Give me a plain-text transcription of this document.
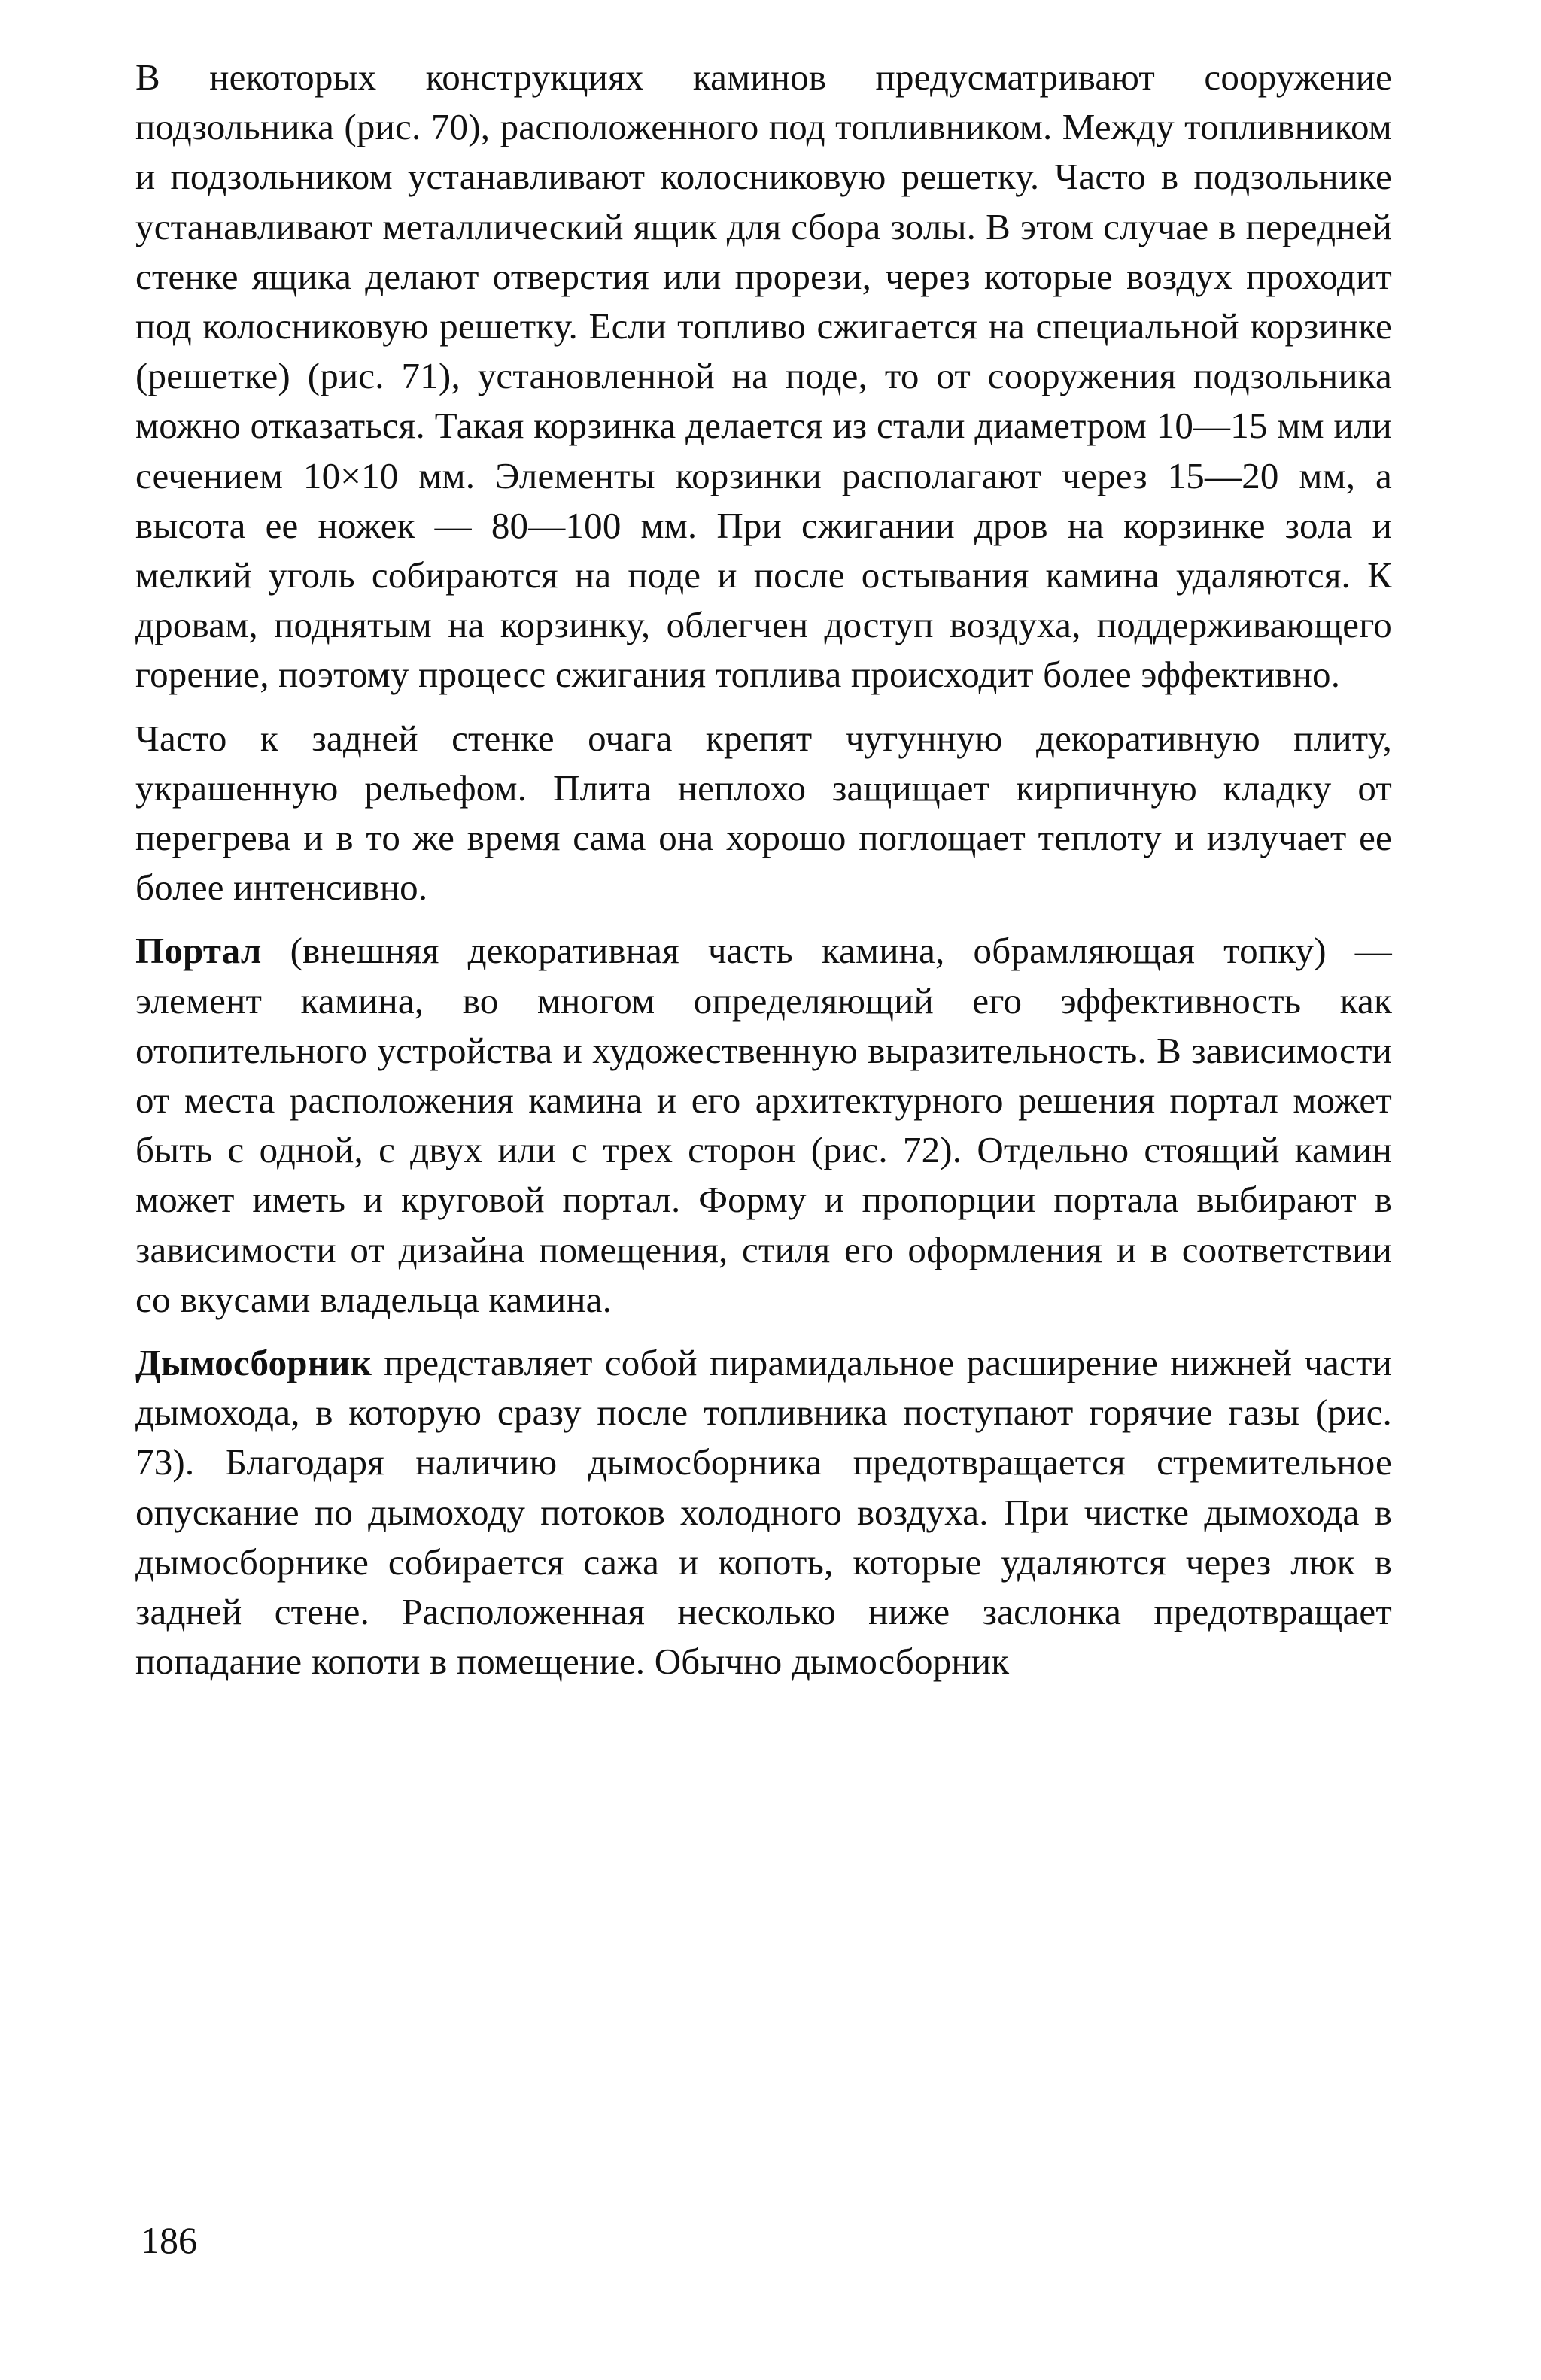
В некоторых конструкциях каминов предусматривают сооружение подзольника (рис. 70), расположенного под топливником. Между топливником и подзольником устанавливают колосниковую решетку. Часто в подзольнике устанавливают металлический ящик для сбора золы. В этом случае в передней стенке ящика делают отверстия или прорези, через которые воздух проходит под колосниковую решетку. Если топливо сжигается на специальной корзинке (решетке) (рис. 71), установленной на поде, то от сооружения подзольника можно отказаться. Такая корзинка делается из стали диаметром 10—15 мм или сечением 10×10 мм. Элементы корзинки располагают через 15—20 мм, а высота ее ножек — 80—100 мм. При сжигании дров на корзинке зола и мелкий уголь собираются на поде и после остывания камина удаляются. К дровам, поднятым на корзинку, облегчен доступ воздуха, поддерживающего горение, поэтому процесс сжигания топлива происходит более эффективно.

Часто к задней стенке очага крепят чугунную декоративную плиту, украшенную рельефом. Плита неплохо защищает кирпичную кладку от перегрева и в то же время сама она хорошо поглощает теплоту и излучает ее более интенсивно.

Портал (внешняя декоративная часть камина, обрамляющая топку) — элемент камина, во многом определяющий его эффективность как отопительного устройства и художественную выразительность. В зависимости от места расположения камина и его архитектурного решения портал может быть с одной, с двух или с трех сторон (рис. 72). Отдельно стоящий камин может иметь и круговой портал. Форму и пропорции портала выбирают в зависимости от дизайна помещения, стиля его оформления и в соответствии со вкусами владельца камина.

Дымосборник представляет собой пирамидальное расширение нижней части дымохода, в которую сразу после топливника поступают горячие газы (рис. 73). Благодаря наличию дымосборника предотвращается стремительное опускание по дымоходу потоков холодного воздуха. При чистке дымохода в дымосборнике собирается сажа и копоть, которые удаляются через люк в задней стене. Расположенная несколько ниже заслонка предотвращает попадание копоти в помещение. Обычно дымосборник

186
